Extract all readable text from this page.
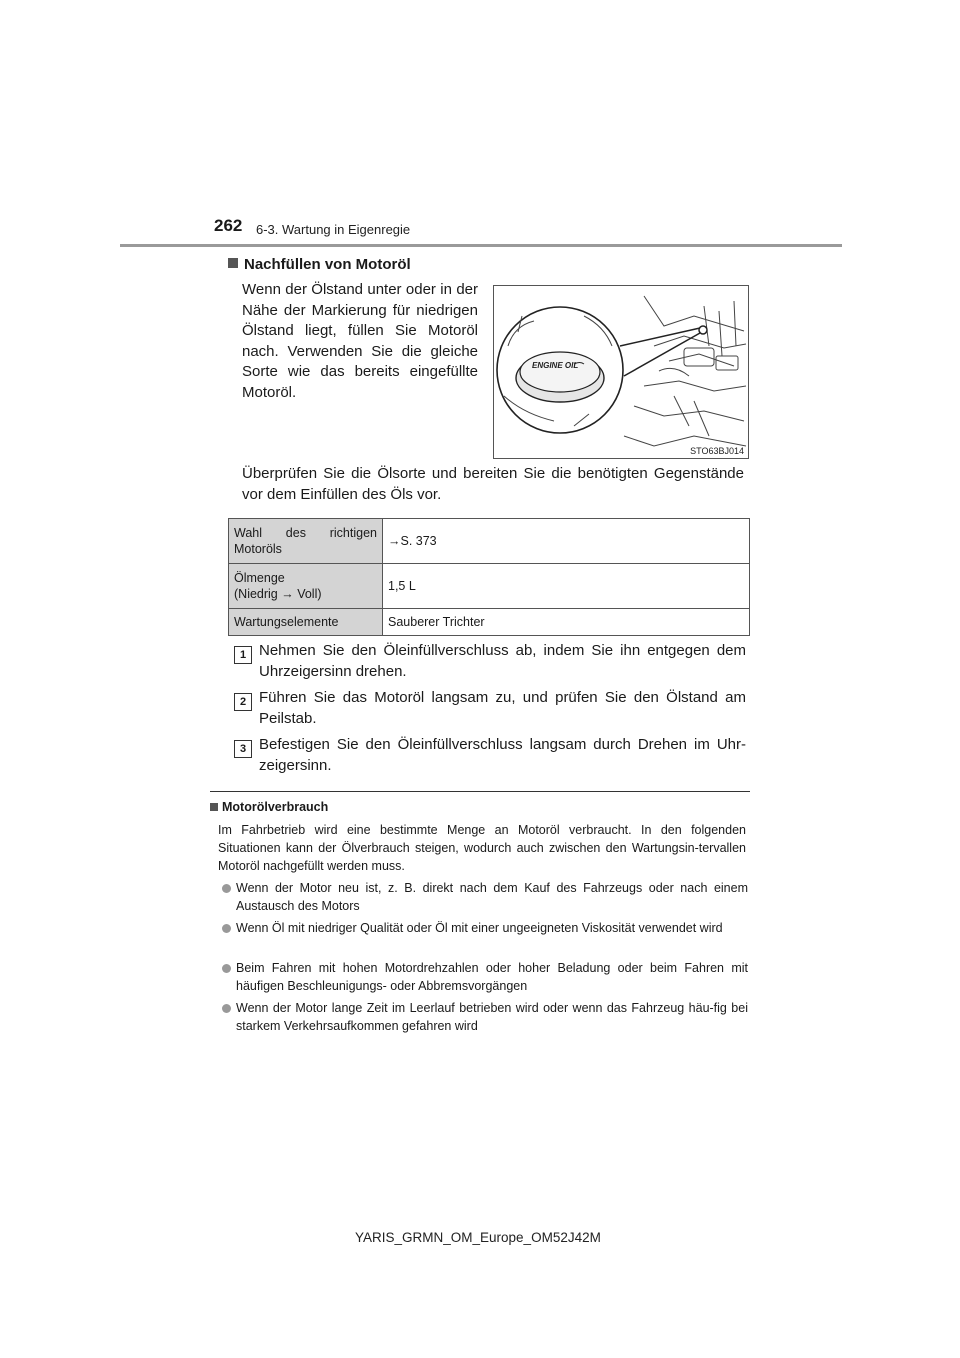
262 6-3. Wartung in Eigenregie
Nachfüllen von Motoröl
Wenn der Ölstand unter oder in der Nähe der Markierung für niedrigen Ölstand liegt, füllen Sie Motoröl nach. Verwenden Sie die gleiche Sorte wie das bereits eingefüllte Motoröl.
ENGINE OIL
STO63BJ014
Überprüfen Sie die Ölsorte und bereiten Sie die benötigten Gegenstände vor dem Einfüllen des Öls vor.
Wahl des richtigen
Motoröls	→S. 373
Ölmenge
(Niedrig → Voll)	1,5 L
Wartungselemente	Sauberer Trichter
1 Nehmen Sie den Öleinfüllverschluss ab, indem Sie ihn entgegen dem Uhrzeigersinn drehen.
2 Führen Sie das Motoröl langsam zu, und prüfen Sie den Ölstand am Peilstab.
3 Befestigen Sie den Öleinfüllverschluss langsam durch Drehen im Uhr-zeigersinn.
Motorölverbrauch
Im Fahrbetrieb wird eine bestimmte Menge an Motoröl verbraucht. In den folgenden Situationen kann der Ölverbrauch steigen, wodurch auch zwischen den Wartungsin-tervallen Motoröl nachgefüllt werden muss.
Wenn der Motor neu ist, z. B. direkt nach dem Kauf des Fahrzeugs oder nach einem Austausch des Motors
Wenn Öl mit niedriger Qualität oder Öl mit einer ungeeigneten Viskosität verwendet wird
Beim Fahren mit hohen Motordrehzahlen oder hoher Beladung oder beim Fahren mit häufigen Beschleunigungs- oder Abbremsvorgängen
Wenn der Motor lange Zeit im Leerlauf betrieben wird oder wenn das Fahrzeug häu-fig bei starkem Verkehrsaufkommen gefahren wird
YARIS_GRMN_OM_Europe_OM52J42M
